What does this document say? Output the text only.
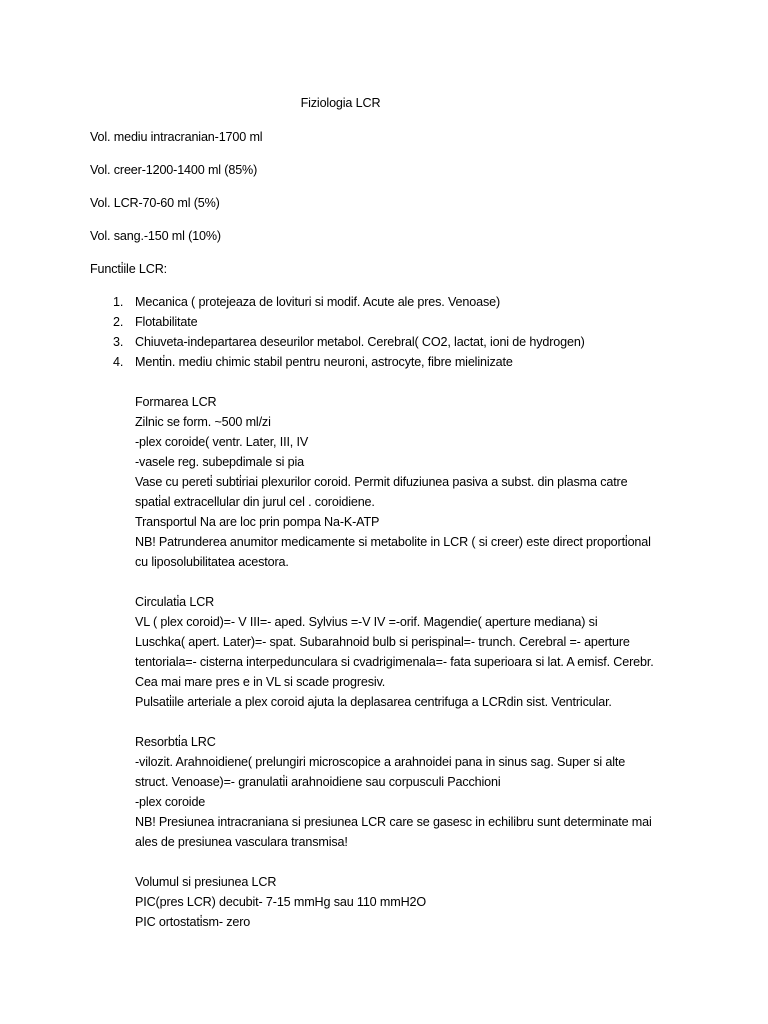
Fiziologia LCR
Vol. mediu intracranian-1700 ml
Vol. creer-1200-1400 ml (85%)
Vol. LCR-70-60 ml (5%)
Vol. sang.-150 ml (10%)
Functi̇ile LCR:
1. Mecanica ( protejeaza de lovituri si modif. Acute ale pres. Venoase)
2. Flotabilitate
3. Chiuveta-indepartarea deseurilor metabol. Cerebral( CO2, lactat, ioni de hydrogen)
4. Menti̇n. mediu chimic stabil pentru neuroni, astrocyte, fibre mielinizate
Formarea LCR
Zilnic se form. ~500 ml/zi
-plex coroide( ventr. Later, III, IV
-vasele reg. subepdimale si pia
Vase cu pereti̇ subti̇riai plexurilor coroid. Permit difuziunea pasiva a subst. din plasma catre
spati̇al extracellular din jurul cel . coroidiene.
Transportul Na are loc prin pompa Na-K-ATP
NB! Patrunderea anumitor medicamente si metabolite in LCR ( si creer) este direct proporti̇onal
cu liposolubilitatea acestora.
Circulati̇a LCR
VL ( plex coroid)=- V III=- aped. Sylvius =-V IV =-orif. Magendie( aperture mediana) si
Luschka( apert. Later)=- spat. Subarahnoid bulb si perispinal=- trunch. Cerebral =- aperture
tentoriala=- cisterna interpedunculara si cvadrigimenala=- fata superioara si lat. A emisf. Cerebr.
Cea mai mare pres e in VL si scade progresiv.
Pulsati̇ile arteriale a plex coroid ajuta la deplasarea centrifuga a LCRdin sist. Ventricular.
Resorbti̇a LRC
-vilozit. Arahnoidiene( prelungiri microscopice a arahnoidei pana in sinus sag. Super si alte
struct. Venoase)=- granulati̇i arahnoidiene sau corpusculi Pacchioni
-plex coroide
NB! Presiunea intracraniana si presiunea LCR care se gasesc in echilibru sunt determinate mai
ales de presiunea vasculara transmisa!
Volumul si presiunea LCR
PIC(pres LCR) decubit- 7-15 mmHg sau 110 mmH2O
PIC ortostati̇sm- zero
